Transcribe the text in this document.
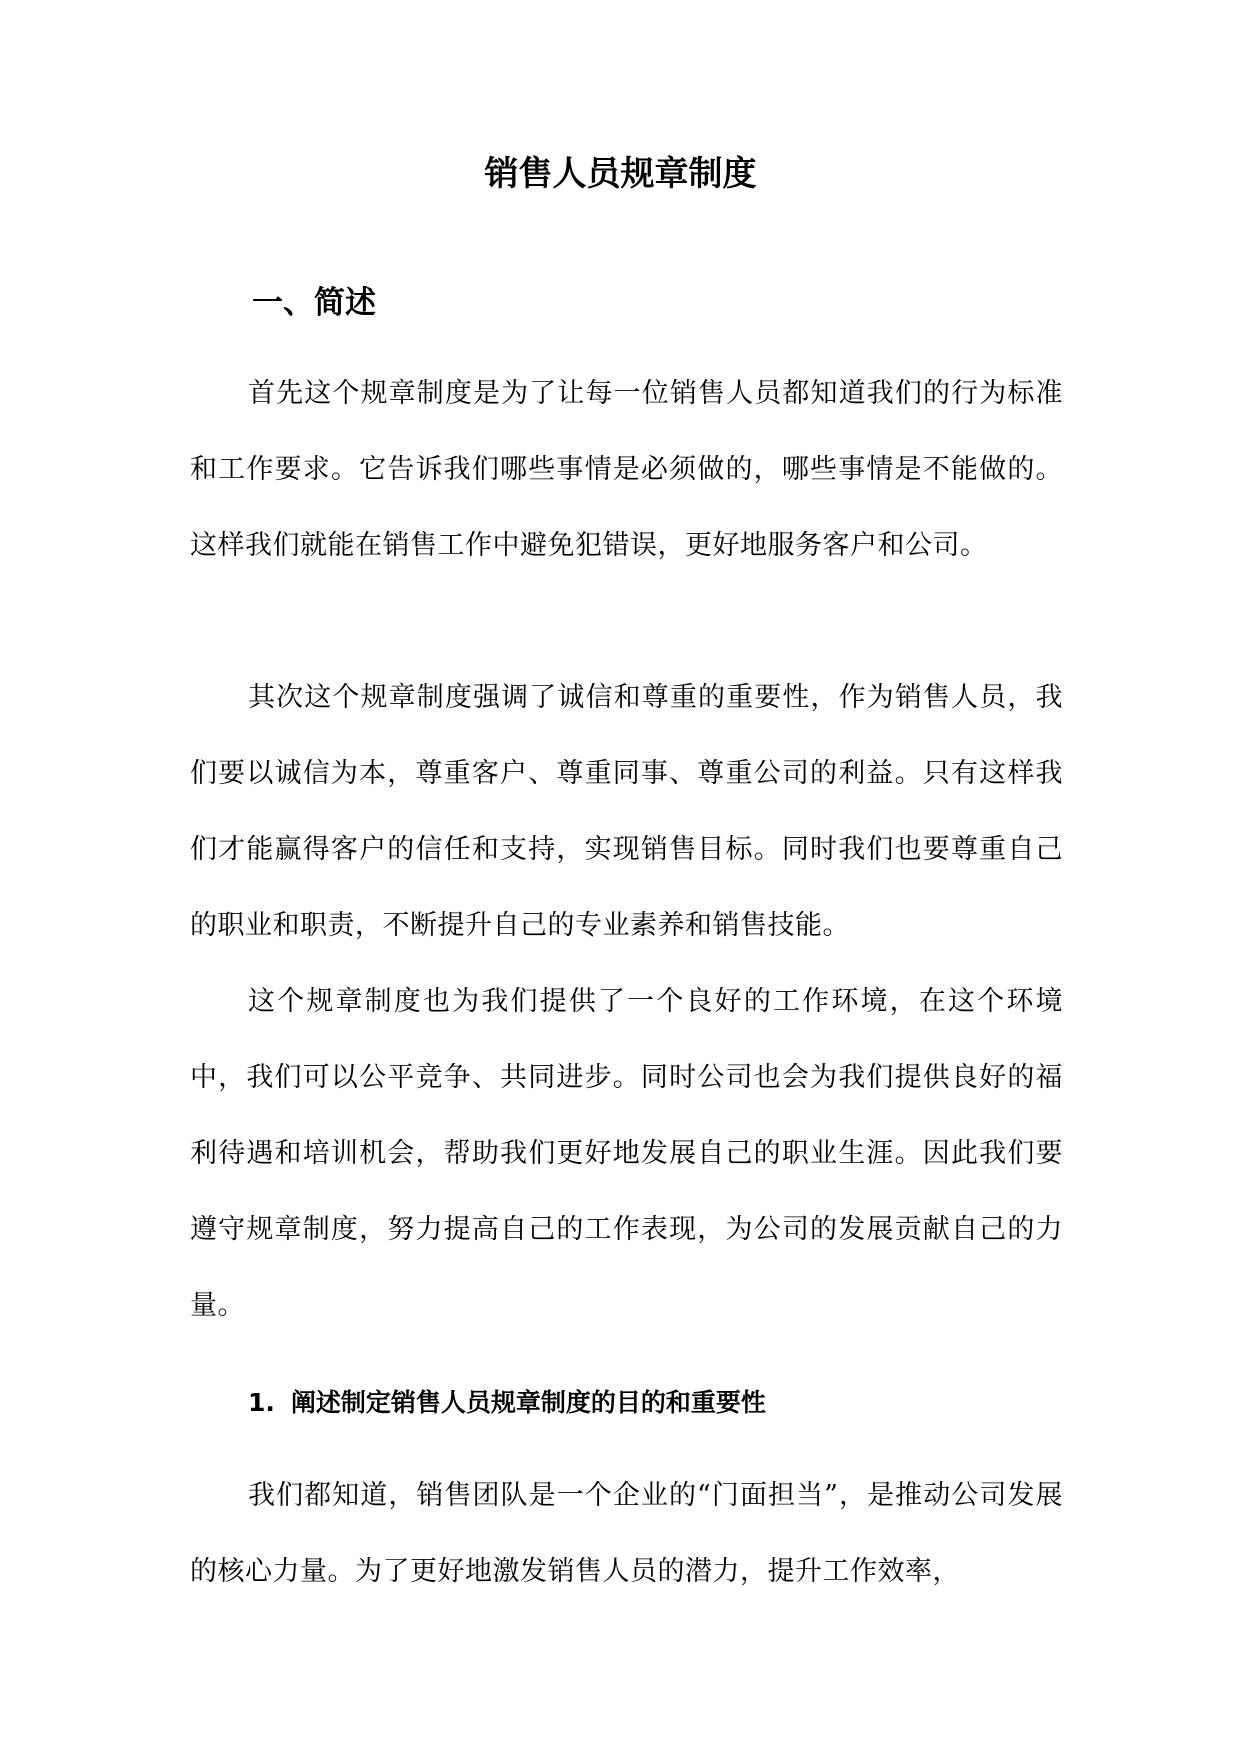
销售人员规章制度
一、简述

首先这个规章制度是为了让每一位销售人员都知道我们的行为标准和工作要求。它告诉我们哪些事情是必须做的，哪些事情是不能做的。这样我们就能在销售工作中避免犯错误，更好地服务客户和公司。

其次这个规章制度强调了诚信和尊重的重要性，作为销售人员，我们要以诚信为本，尊重客户、尊重同事、尊重公司的利益。只有这样我们才能赢得客户的信任和支持，实现销售目标。同时我们也要尊重自己的职业和职责，不断提升自己的专业素养和销售技能。

这个规章制度也为我们提供了一个良好的工作环境，在这个环境中，我们可以公平竞争、共同进步。同时公司也会为我们提供良好的福利待遇和培训机会，帮助我们更好地发展自己的职业生涯。因此我们要遵守规章制度，努力提高自己的工作表现，为公司的发展贡献自己的力量。

1. 阐述制定销售人员规章制度的目的和重要性

我们都知道，销售团队是一个企业的“门面担当”，是推动公司发展的核心力量。为了更好地激发销售人员的潜力，提升工作效率，
